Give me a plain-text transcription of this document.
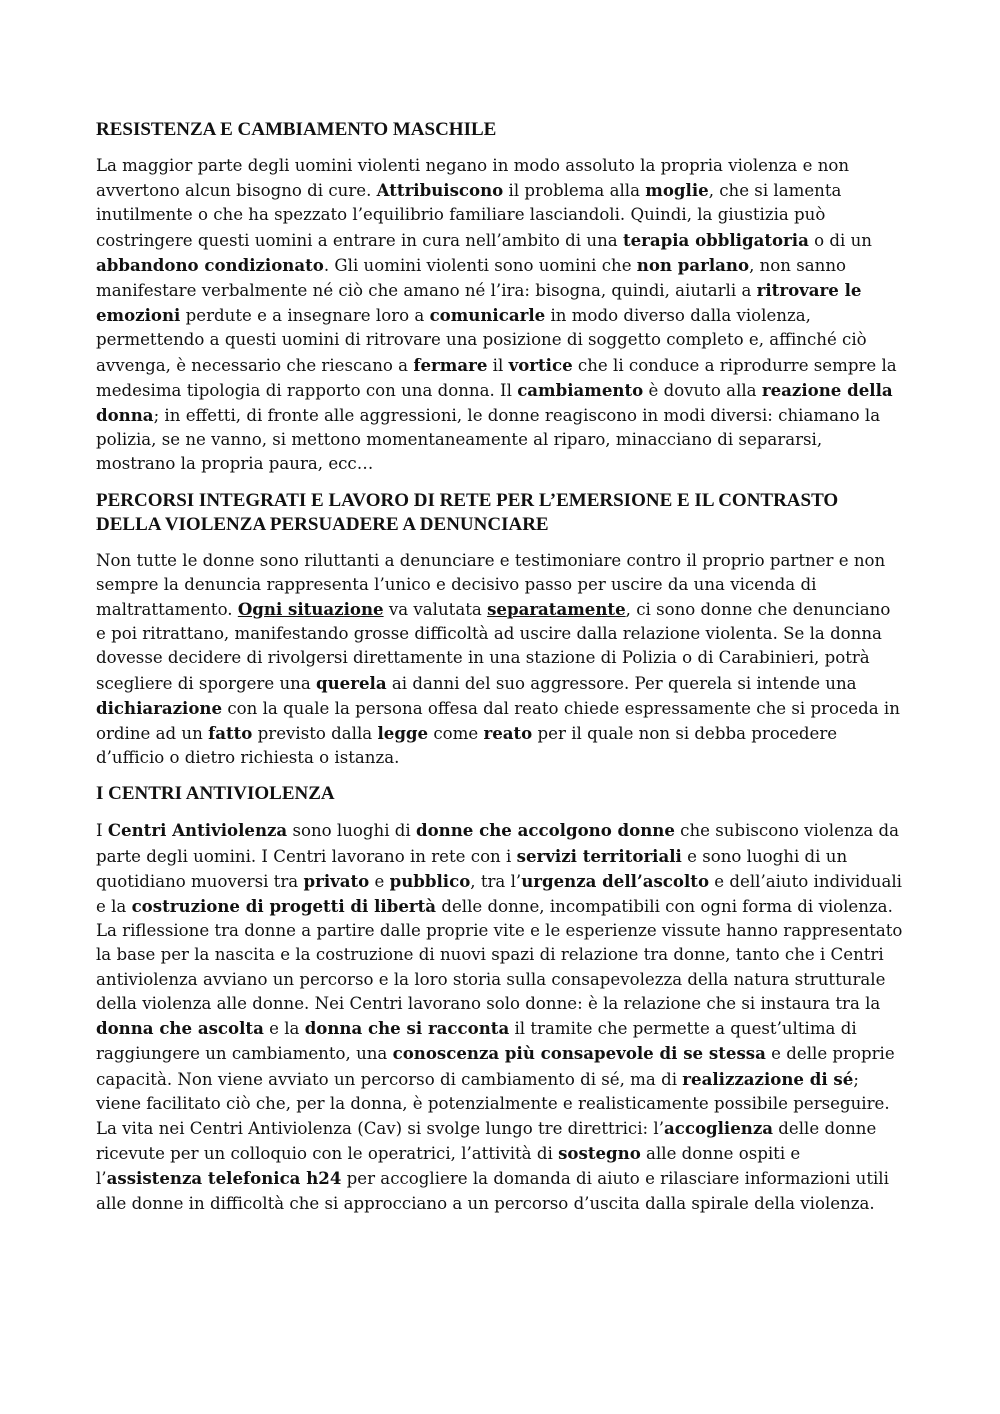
RESISTENZA E CAMBIAMENTO MASCHILE

La maggior parte degli uomini violenti negano in modo assoluto la propria violenza e non avvertono alcun bisogno di cure. Attribuiscono il problema alla moglie, che si lamenta inutilmente o che ha spezzato l’equilibrio familiare lasciandoli. Quindi, la giustizia può costringere questi uomini a entrare in cura nell’ambito di una terapia obbligatoria o di un abbandono condizionato. Gli uomini violenti sono uomini che non parlano, non sanno manifestare verbalmente né ciò che amano né l’ira: bisogna, quindi, aiutarli a ritrovare le emozioni perdute e a insegnare loro a comunicarle in modo diverso dalla violenza, permettendo a questi uomini di ritrovare una posizione di soggetto completo e, affinché ciò avvenga, è necessario che riescano a fermare il vortice che li conduce a riprodurre sempre la medesima tipologia di rapporto con una donna. Il cambiamento è dovuto alla reazione della donna; in effetti, di fronte alle aggressioni, le donne reagiscono in modi diversi: chiamano la polizia, se ne vanno, si mettono momentaneamente al riparo, minacciano di separarsi, mostrano la propria paura, ecc…

PERCORSI INTEGRATI E LAVORO DI RETE PER L’EMERSIONE E IL CONTRASTO DELLA VIOLENZA PERSUADERE A DENUNCIARE

Non tutte le donne sono riluttanti a denunciare e testimoniare contro il proprio partner e non sempre la denuncia rappresenta l’unico e decisivo passo per uscire da una vicenda di maltrattamento. Ogni situazione va valutata separatamente, ci sono donne che denunciano e poi ritrattano, manifestando grosse difficoltà ad uscire dalla relazione violenta. Se la donna dovesse decidere di rivolgersi direttamente in una stazione di Polizia o di Carabinieri, potrà scegliere di sporgere una querela ai danni del suo aggressore. Per querela si intende una dichiarazione con la quale la persona offesa dal reato chiede espressamente che si proceda in ordine ad un fatto previsto dalla legge come reato per il quale non si debba procedere d’ufficio o dietro richiesta o istanza.

I CENTRI ANTIVIOLENZA

I Centri Antiviolenza sono luoghi di donne che accolgono donne che subiscono violenza da parte degli uomini. I Centri lavorano in rete con i servizi territoriali e sono luoghi di un quotidiano muoversi tra privato e pubblico, tra l’urgenza dell’ascolto e dell’aiuto individuali e la costruzione di progetti di libertà delle donne, incompatibili con ogni forma di violenza. La riflessione tra donne a partire dalle proprie vite e le esperienze vissute hanno rappresentato la base per la nascita e la costruzione di nuovi spazi di relazione tra donne, tanto che i Centri antiviolenza avviano un percorso e la loro storia sulla consapevolezza della natura strutturale della violenza alle donne. Nei Centri lavorano solo donne: è la relazione che si instaura tra la donna che ascolta e la donna che si racconta il tramite che permette a quest’ultima di raggiungere un cambiamento, una conoscenza più consapevole di se stessa e delle proprie capacità. Non viene avviato un percorso di cambiamento di sé, ma di realizzazione di sé; viene facilitato ciò che, per la donna, è potenzialmente e realisticamente possibile perseguire. La vita nei Centri Antiviolenza (Cav) si svolge lungo tre direttrici: l’accoglienza delle donne ricevute per un colloquio con le operatrici, l’attività di sostegno alle donne ospiti e l’assistenza telefonica h24 per accogliere la domanda di aiuto e rilasciare informazioni utili alle donne in difficoltà che si approcciano a un percorso d’uscita dalla spirale della violenza.
